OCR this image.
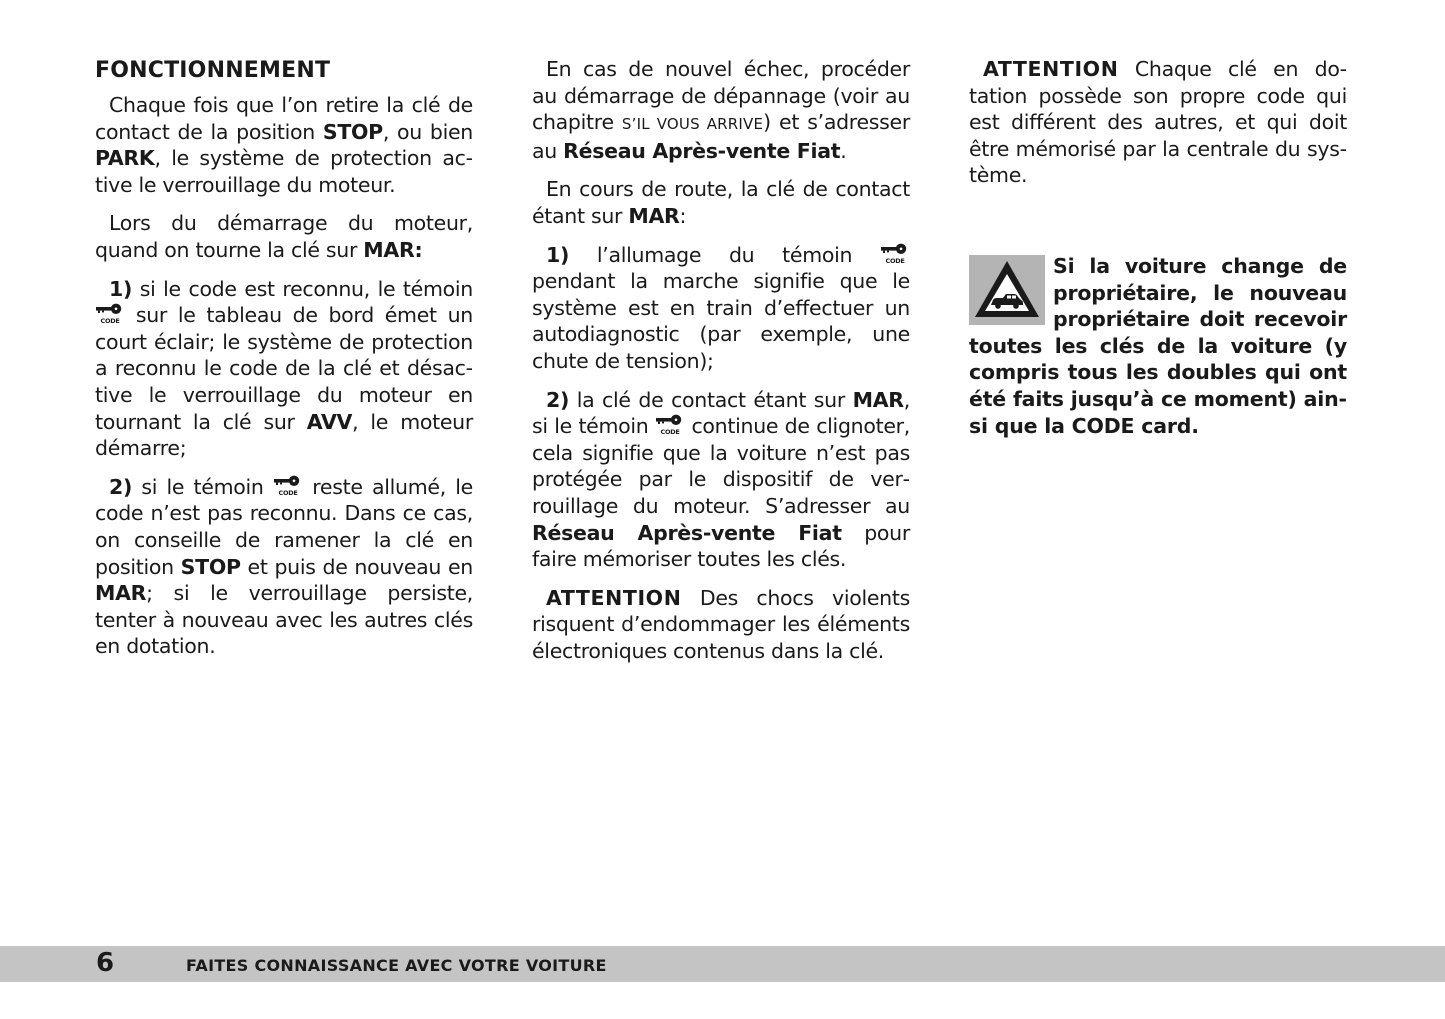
FONCTIONNEMENT

Chaque fois que l’on retire la clé de contact de la position STOP, ou bien PARK, le système de protection active le verrouillage du moteur.

Lors du démarrage du moteur, quand on tourne la clé sur MAR:

1) si le code est reconnu, le témoin
CODE sur le tableau de bord émet un court éclair; le système de protection a reconnu le code de la clé et désactive le verrouillage du moteur en tournant la clé sur AVV, le moteur démarre;

2) si le témoin CODE reste allumé, le code n’est pas reconnu. Dans ce cas, on conseille de ramener la clé en position STOP et puis de nouveau en MAR; si le verrouillage persiste, tenter à nouveau avec les autres clés en dotation.

En cas de nouvel échec, procéder au démarrage de dépannage (voir au chapitre S’IL VOUS ARRIVE) et s’adresser au Réseau Après-vente Fiat.

En cours de route, la clé de contact étant sur MAR:

1) l’allumage du témoin CODE
pendant la marche signifie que le système est en train d’effectuer un autodiagnostic (par exemple, une chute de tension);

2) la clé de contact étant sur MAR, si le témoin CODE continue de clignoter, cela signifie que la voiture n’est pas protégée par le dispositif de verrouillage du moteur. S’adresser au Réseau Après-vente Fiat pour faire mémoriser toutes les clés.

ATTENTION Des chocs violents risquent d’endommager les éléments électroniques contenus dans la clé.

ATTENTION Chaque clé en dotation possède son propre code qui est différent des autres, et qui doit être mémorisé par la centrale du système.

Si la voiture change de propriétaire, le nouveau propriétaire doit recevoir toutes les clés de la voiture (y compris tous les doubles qui ont été faits jusqu’à ce moment) ainsi que la CODE card.
6	FAITES CONNAISSANCE AVEC VOTRE VOITURE
